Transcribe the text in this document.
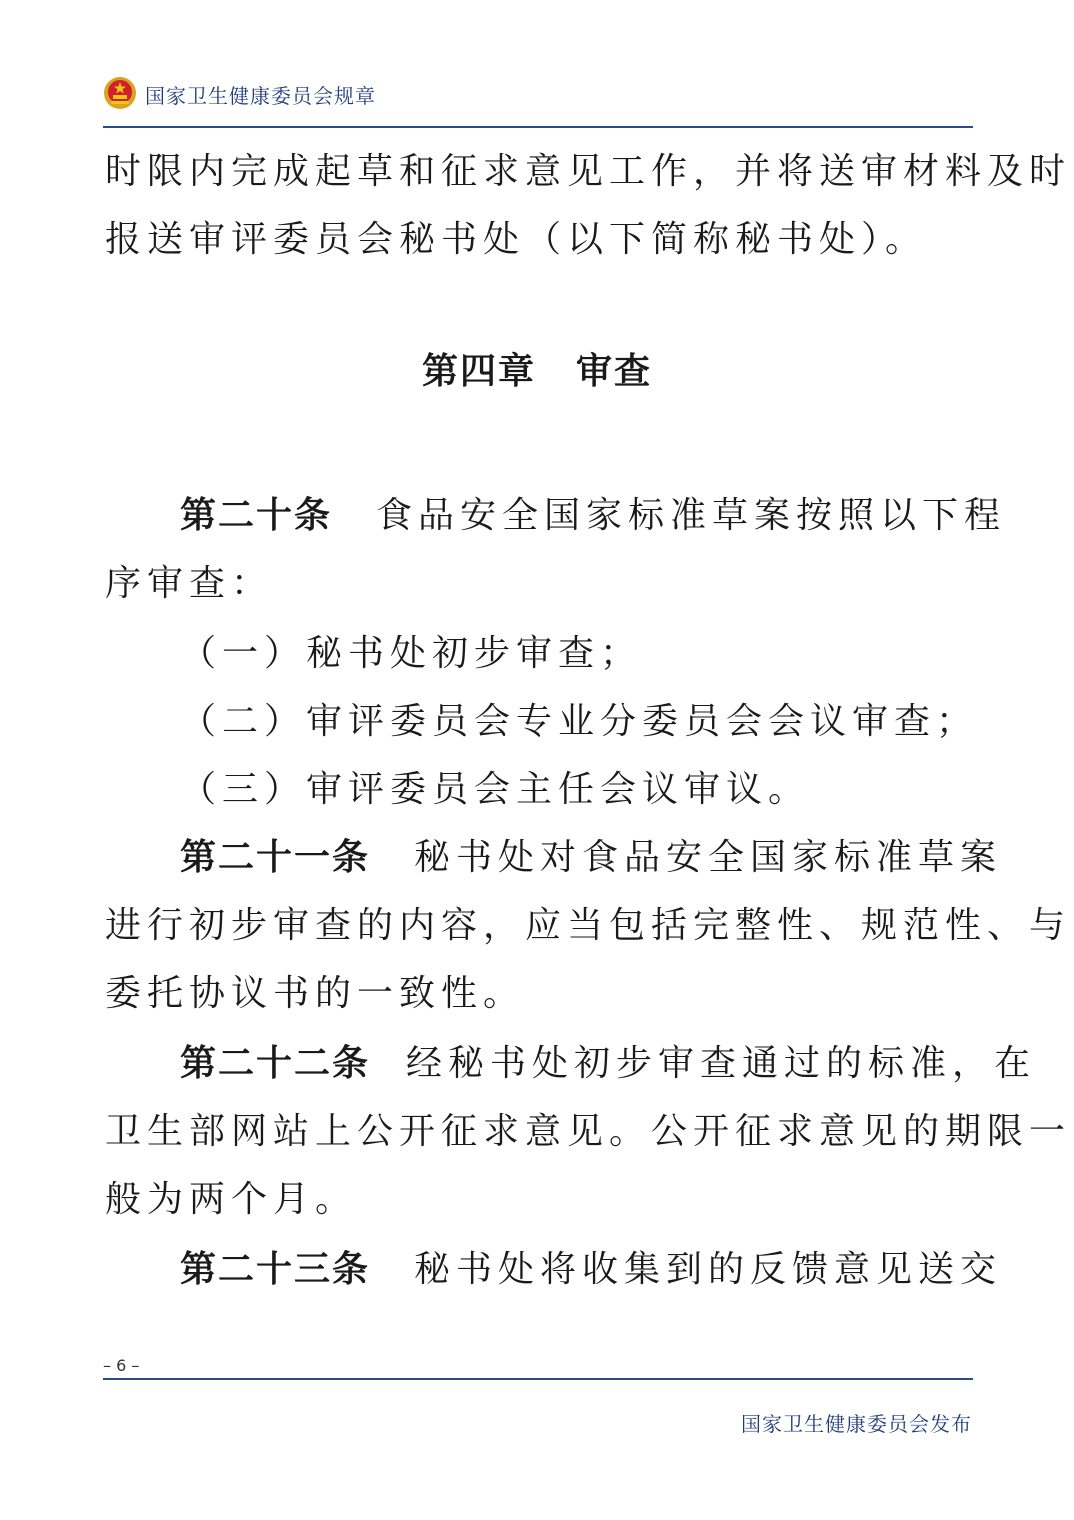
国家卫生健康委员会规章
时限内完成起草和征求意见工作，并将送审材料及时
报送审评委员会秘书处（以下简称秘书处）。
第四章 审查
第二十条 食品安全国家标准草案按照以下程
序审查：
（一）秘书处初步审查；
（二）审评委员会专业分委员会会议审查；
（三）审评委员会主任会议审议。
第二十一条 秘书处对食品安全国家标准草案
进行初步审查的内容，应当包括完整性、规范性、与
委托协议书的一致性。
第二十二条 经秘书处初步审查通过的标准，在
卫生部网站上公开征求意见。公开征求意见的期限一
般为两个月。
第二十三条 秘书处将收集到的反馈意见送交
– 6 –
国家卫生健康委员会发布
